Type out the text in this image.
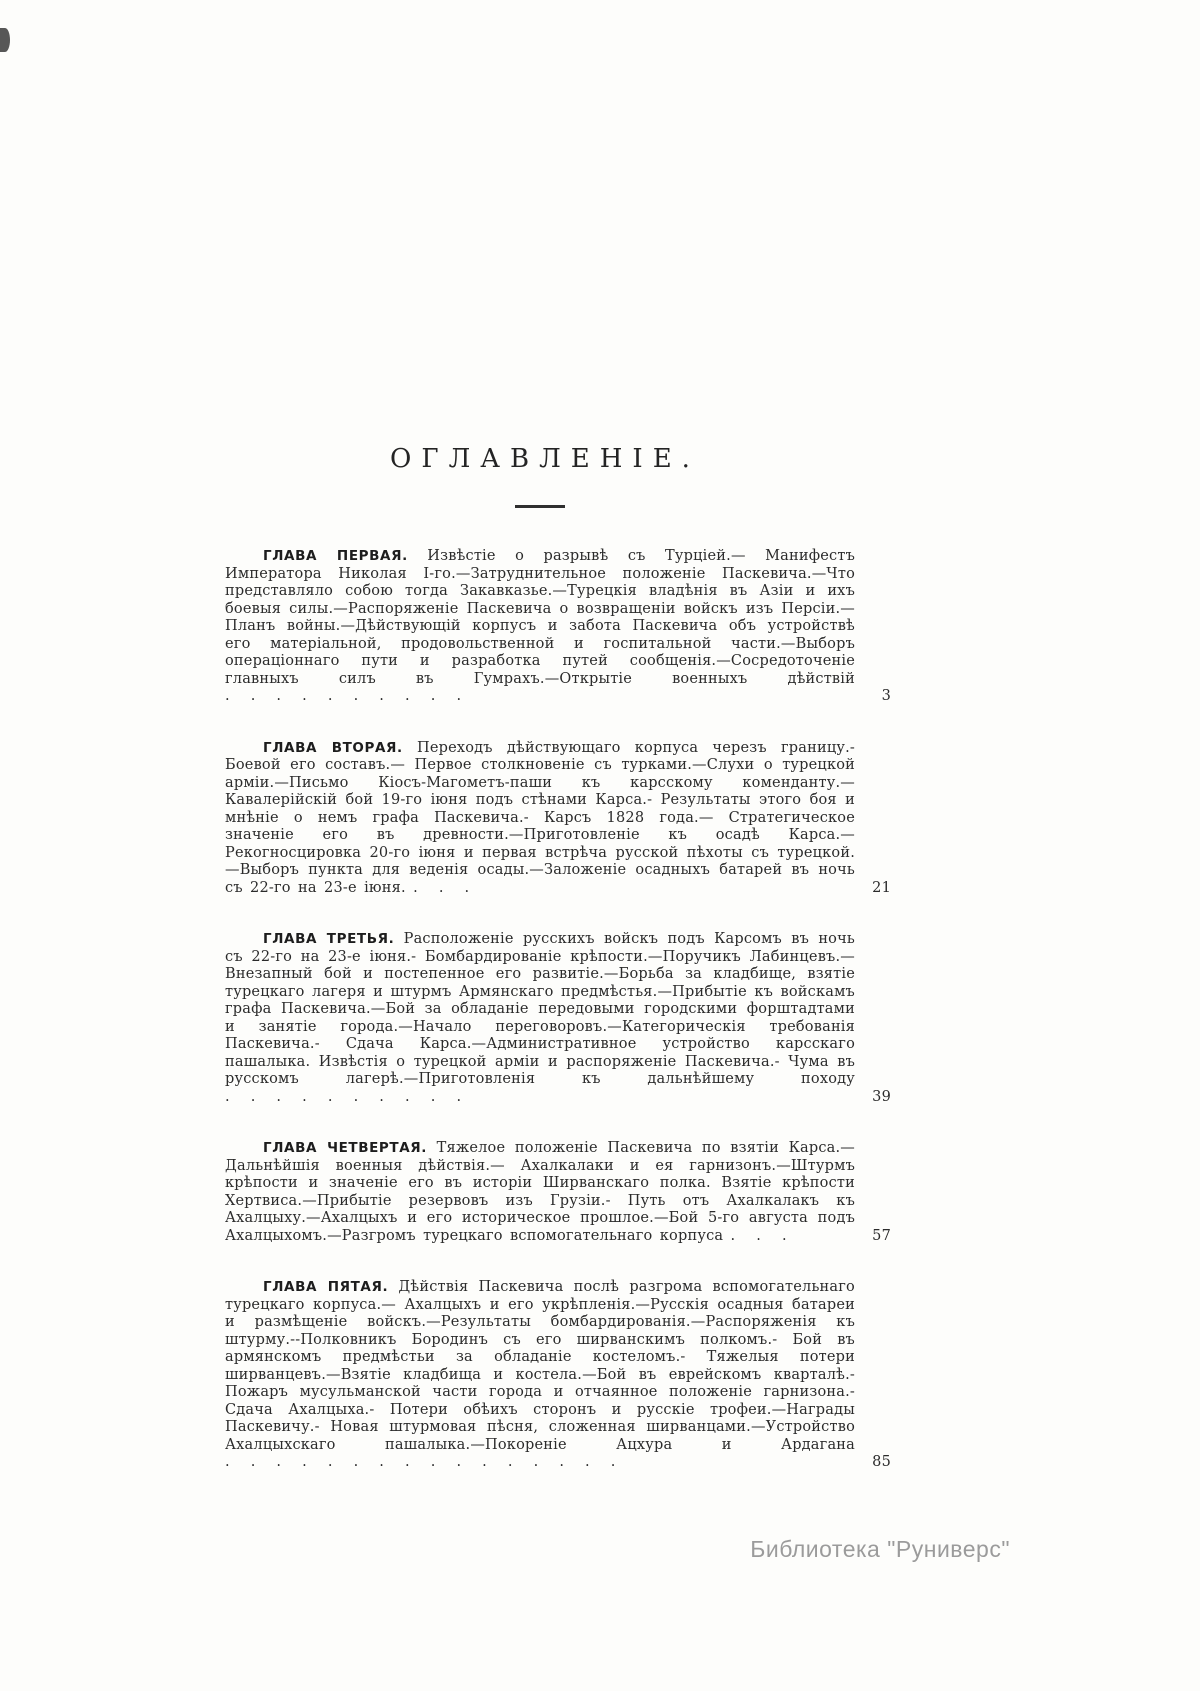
ОГЛАВЛЕНІЕ.

ГЛАВА ПЕРВАЯ. Извѣстіе о разрывѣ съ Турціей.— Манифестъ Императора Николая I-го.—Затруднительное положеніе Паскевича.—Что представляло собою тогда Закавказье.—Турецкія владѣнія въ Азіи и ихъ боевыя силы.—Распоряженіе Паскевича о возвращеніи войскъ изъ Персіи.—Планъ войны.—Дѣйствующій корпусъ и забота Паскевича объ устройствѣ его матеріальной, продовольственной и госпитальной части.—Выборъ операціоннаго пути и разработка путей сообщенія.—Сосредоточеніе главныхъ силъ въ Гумрахъ.—Открытіе военныхъ дѣйствій . . . . . . . . . .	3

ГЛАВА ВТОРАЯ. Переходъ дѣйствующаго корпуса черезъ границу.- Боевой его составъ.— Первое столкновеніе съ турками.—Слухи о турецкой арміи.—Письмо Кіосъ-Магометъ-паши къ карсскому коменданту.—Кавалерійскій бой 19-го іюня подъ стѣнами Карса.- Результаты этого боя и мнѣніе о немъ графа Паскевича.- Карсъ 1828 года.— Стратегическое значеніе его въ древности.—Приготовленіе къ осадѣ Карса.—Рекогносцировка 20-го іюня и первая встрѣча русской пѣхоты съ турецкой.—Выборъ пункта для веденія осады.—Заложеніе осадныхъ батарей въ ночь съ 22-го на 23-е іюня. . . .	21

ГЛАВА ТРЕТЬЯ. Расположеніе русскихъ войскъ подъ Карсомъ въ ночь съ 22-го на 23-е іюня.- Бомбардированіе крѣпости.—Поручикъ Лабинцевъ.—Внезапный бой и постепенное его развитіе.—Борьба за кладбище, взятіе турецкаго лагеря и штурмъ Армянскаго предмѣстья.—Прибытіе къ войскамъ графа Паскевича.—Бой за обладаніе передовыми городскими форштадтами и занятіе города.—Начало переговоровъ.—Категорическія требованія Паскевича.- Сдача Карса.—Административное устройство карсскаго пашалыка. Извѣстія о турецкой арміи и распоряженіе Паскевича.- Чума въ русскомъ лагерѣ.—Приготовленія къ дальнѣйшему походу . . . . . . . . . .	39

ГЛАВА ЧЕТВЕРТАЯ. Тяжелое положеніе Паскевича по взятіи Карса.—Дальнѣйшія военныя дѣйствія.— Ахалкалаки и ея гарнизонъ.—Штурмъ крѣпости и значеніе его въ исторіи Ширванскаго полка. Взятіе крѣпости Хертвиса.—Прибытіе резервовъ изъ Грузіи.- Путь отъ Ахалкалакъ къ Ахалцыху.—Ахалцыхъ и его историческое прошлое.—Бой 5-го августа подъ Ахалцыхомъ.—Разгромъ турецкаго вспомогательнаго корпуса . . .	57

ГЛАВА ПЯТАЯ. Дѣйствія Паскевича послѣ разгрома вспомогательнаго турецкаго корпуса.— Ахалцыхъ и его укрѣпленія.—Русскія осадныя батареи и размѣщеніе войскъ.—Результаты бомбардированія.—Распоряженія къ штурму.--Полковникъ Бородинъ съ его ширванскимъ полкомъ.- Бой въ армянскомъ предмѣстьи за обладаніе костеломъ.- Тяжелыя потери ширванцевъ.—Взятіе кладбища и костела.—Бой въ еврейскомъ кварталѣ.- Пожаръ мусульманской части города и отчаянное положеніе гарнизона.- Сдача Ахалцыха.- Потери обѣихъ сторонъ и русскіе трофеи.—Награды Паскевичу.- Новая штурмовая пѣсня, сложенная ширванцами.—Устройство Ахалцыхскаго пашалыка.—Покореніе Ацхура и Ардагана . . . . . . . . . . . . . . . .	85
Библиотека "Руниверс"
